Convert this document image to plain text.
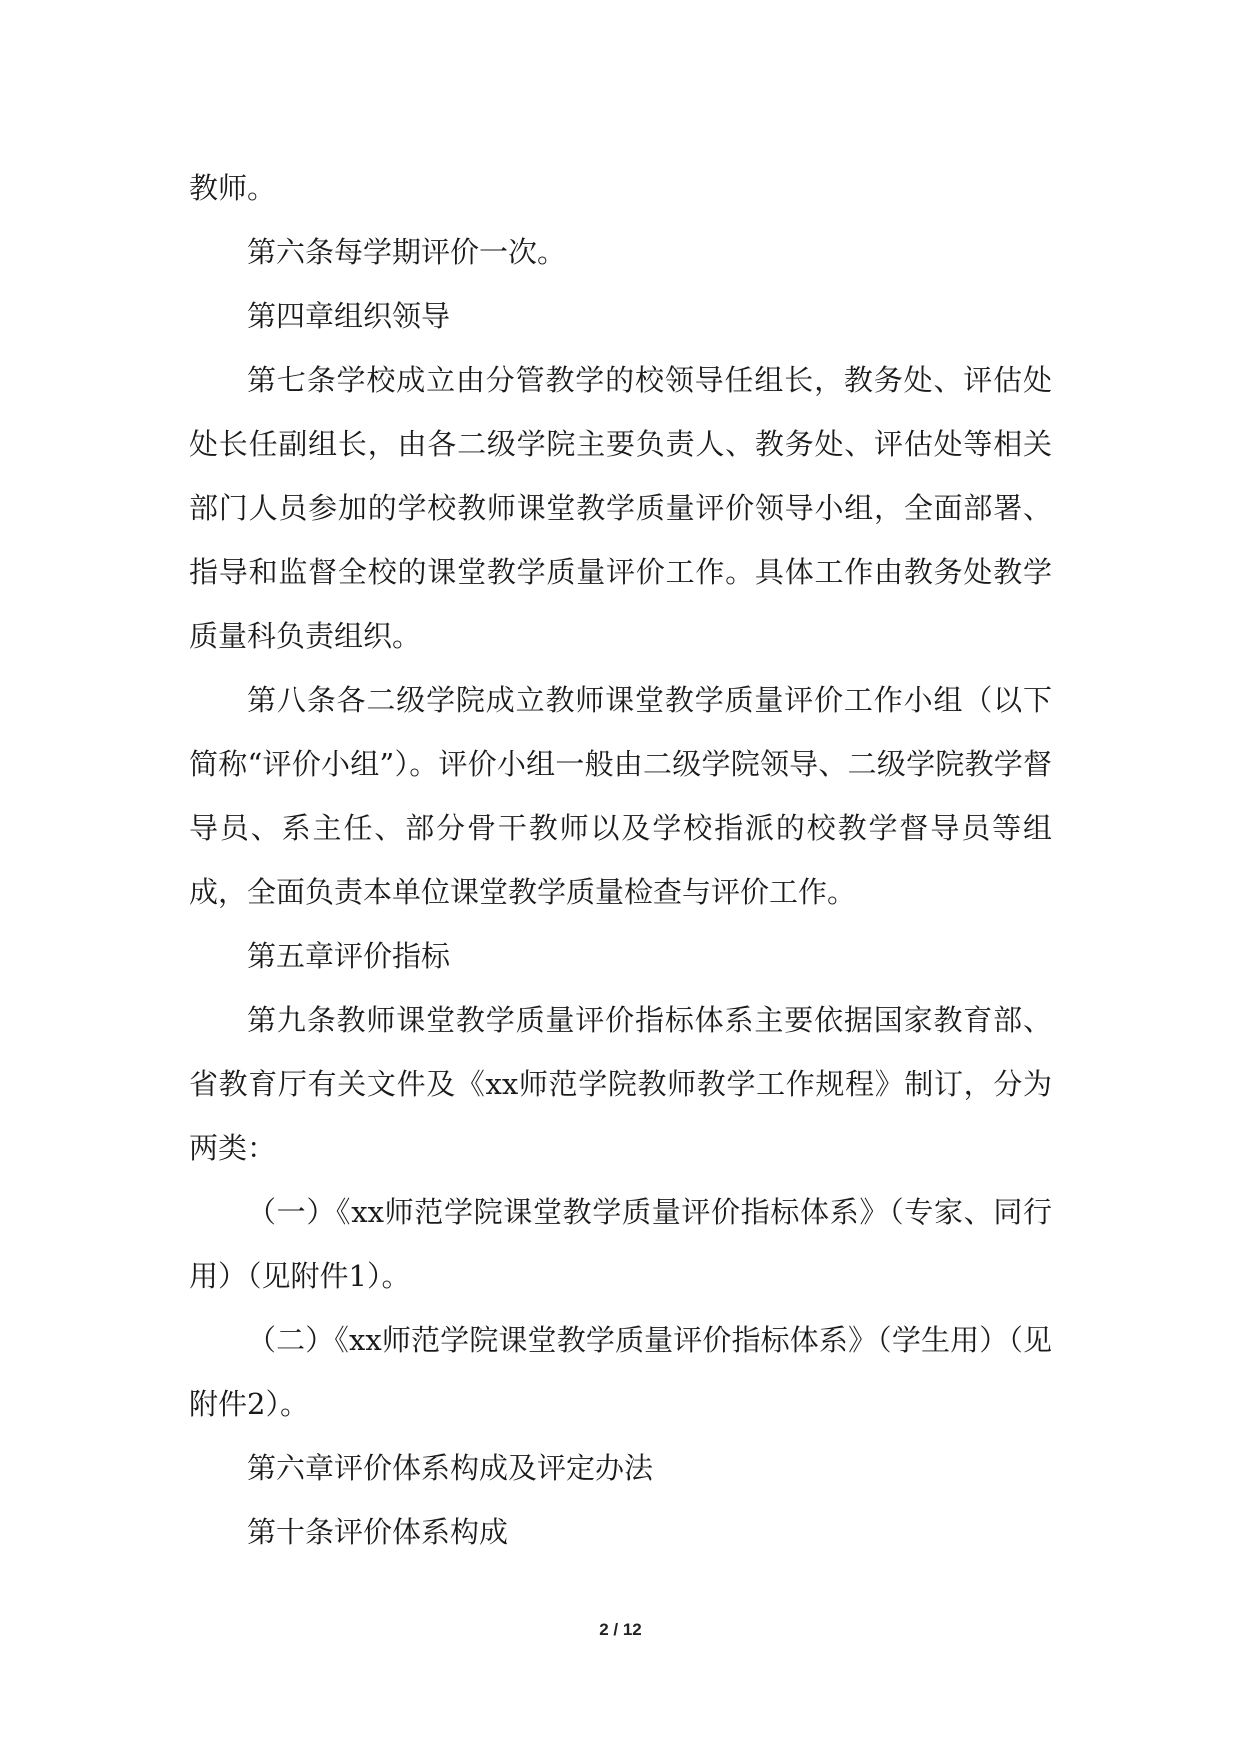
教师。

第六条每学期评价一次。

第四章组织领导

第七条学校成立由分管教学的校领导任组长，教务处、评估处处长任副组长，由各二级学院主要负责人、教务处、评估处等相关部门人员参加的学校教师课堂教学质量评价领导小组，全面部署、指导和监督全校的课堂教学质量评价工作。具体工作由教务处教学质量科负责组织。

第八条各二级学院成立教师课堂教学质量评价工作小组（以下简称“评价小组”）。评价小组一般由二级学院领导、二级学院教学督导员、系主任、部分骨干教师以及学校指派的校教学督导员等组成，全面负责本单位课堂教学质量检查与评价工作。

第五章评价指标

第九条教师课堂教学质量评价指标体系主要依据国家教育部、省教育厅有关文件及《xx师范学院教师教学工作规程》制订，分为两类：

（一）《xx师范学院课堂教学质量评价指标体系》（专家、同行用）（见附件1）。

（二）《xx师范学院课堂教学质量评价指标体系》（学生用）（见附件2）。

第六章评价体系构成及评定办法

第十条评价体系构成

2 / 12
